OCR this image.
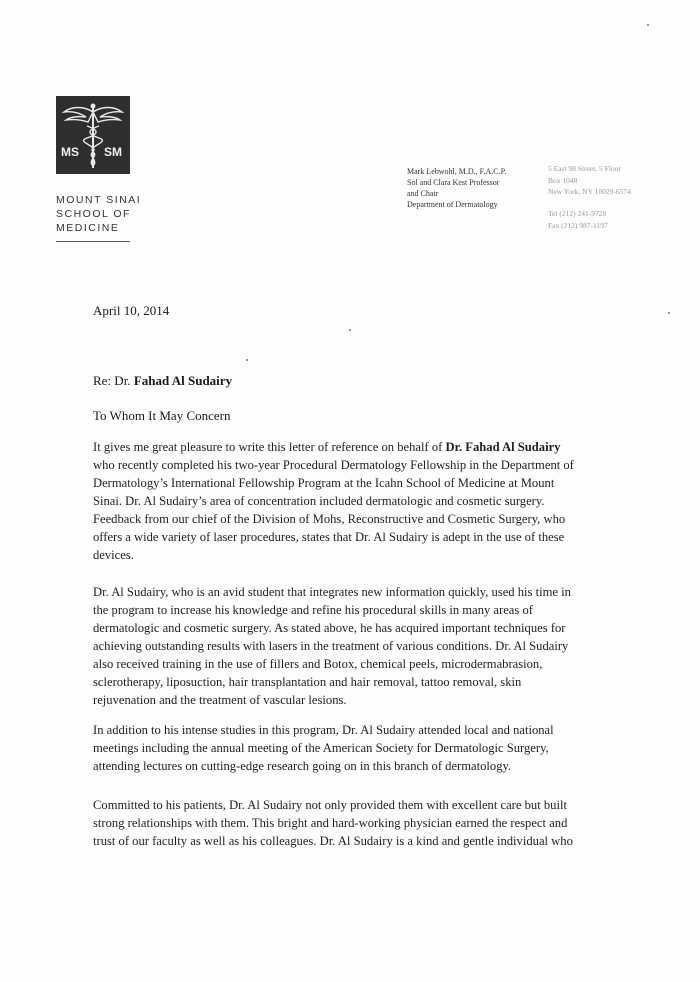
MS SM
MOUNT SINAI
SCHOOL OF
MEDICINE
Mark Lebwohl, M.D., F.A.C.P.
Sol and Clara Kest Professor
and Chair
Department of Dermatology
5 East 98 Street, 5 Floor
Box 1048
New York, NY 10029-6574
Tel (212) 241-9728
Fax (212) 987-1197
April 10, 2014
Re: Dr. Fahad Al Sudairy
To Whom It May Concern
It gives me great pleasure to write this letter of reference on behalf of Dr. Fahad Al Sudairy
who recently completed his two-year Procedural Dermatology Fellowship in the Department of
Dermatology’s International Fellowship Program at the Icahn School of Medicine at Mount
Sinai. Dr. Al Sudairy’s area of concentration included dermatologic and cosmetic surgery.
Feedback from our chief of the Division of Mohs, Reconstructive and Cosmetic Surgery, who
offers a wide variety of laser procedures, states that Dr. Al Sudairy is adept in the use of these
devices.
Dr. Al Sudairy, who is an avid student that integrates new information quickly, used his time in
the program to increase his knowledge and refine his procedural skills in many areas of
dermatologic and cosmetic surgery. As stated above, he has acquired important techniques for
achieving outstanding results with lasers in the treatment of various conditions. Dr. Al Sudairy
also received training in the use of fillers and Botox, chemical peels, microdermabrasion,
sclerotherapy, liposuction, hair transplantation and hair removal, tattoo removal, skin
rejuvenation and the treatment of vascular lesions.
In addition to his intense studies in this program, Dr. Al Sudairy attended local and national
meetings including the annual meeting of the American Society for Dermatologic Surgery,
attending lectures on cutting-edge research going on in this branch of dermatology.
Committed to his patients, Dr. Al Sudairy not only provided them with excellent care but built
strong relationships with them. This bright and hard-working physician earned the respect and
trust of our faculty as well as his colleagues. Dr. Al Sudairy is a kind and gentle individual who
